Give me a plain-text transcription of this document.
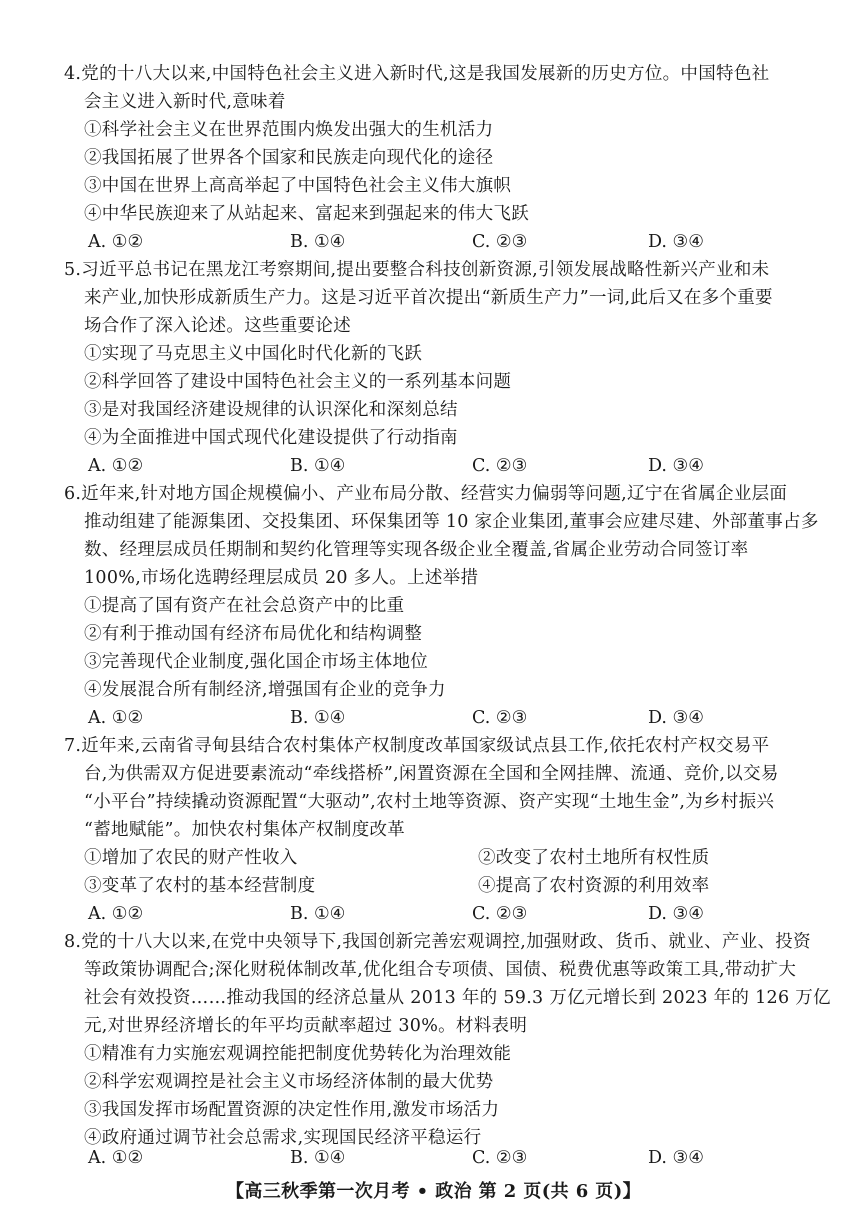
4.党的十八大以来,中国特色社会主义进入新时代,这是我国发展新的历史方位。中国特色社
会主义进入新时代,意味着
①科学社会主义在世界范围内焕发出强大的生机活力
②我国拓展了世界各个国家和民族走向现代化的途径
③中国在世界上高高举起了中国特色社会主义伟大旗帜
④中华民族迎来了从站起来、富起来到强起来的伟大飞跃
A. ①②	B. ①④	C. ②③	D. ③④
5.习近平总书记在黑龙江考察期间,提出要整合科技创新资源,引领发展战略性新兴产业和未
来产业,加快形成新质生产力。这是习近平首次提出“新质生产力”一词,此后又在多个重要
场合作了深入论述。这些重要论述
①实现了马克思主义中国化时代化新的飞跃
②科学回答了建设中国特色社会主义的一系列基本问题
③是对我国经济建设规律的认识深化和深刻总结
④为全面推进中国式现代化建设提供了行动指南
A. ①②	B. ①④	C. ②③	D. ③④
6.近年来,针对地方国企规模偏小、产业布局分散、经营实力偏弱等问题,辽宁在省属企业层面
推动组建了能源集团、交投集团、环保集团等 10 家企业集团,董事会应建尽建、外部董事占多
数、经理层成员任期制和契约化管理等实现各级企业全覆盖,省属企业劳动合同签订率
100%,市场化选聘经理层成员 20 多人。上述举措
①提高了国有资产在社会总资产中的比重
②有利于推动国有经济布局优化和结构调整
③完善现代企业制度,强化国企市场主体地位
④发展混合所有制经济,增强国有企业的竞争力
A. ①②	B. ①④	C. ②③	D. ③④
7.近年来,云南省寻甸县结合农村集体产权制度改革国家级试点县工作,依托农村产权交易平
台,为供需双方促进要素流动“牵线搭桥”,闲置资源在全国和全网挂牌、流通、竞价,以交易
“小平台”持续撬动资源配置“大驱动”,农村土地等资源、资产实现“土地生金”,为乡村振兴
“蓄地赋能”。加快农村集体产权制度改革
①增加了农民的财产性收入	②改变了农村土地所有权性质
③变革了农村的基本经营制度	④提高了农村资源的利用效率
A. ①②	B. ①④	C. ②③	D. ③④
8.党的十八大以来,在党中央领导下,我国创新完善宏观调控,加强财政、货币、就业、产业、投资
等政策协调配合;深化财税体制改革,优化组合专项债、国债、税费优惠等政策工具,带动扩大
社会有效投资……推动我国的经济总量从 2013 年的 59.3 万亿元增长到 2023 年的 126 万亿
元,对世界经济增长的年平均贡献率超过 30%。材料表明
①精准有力实施宏观调控能把制度优势转化为治理效能
②科学宏观调控是社会主义市场经济体制的最大优势
③我国发挥市场配置资源的决定性作用,激发市场活力
④政府通过调节社会总需求,实现国民经济平稳运行
A. ①②	B. ①④	C. ②③	D. ③④
【高三秋季第一次月考 • 政治 第 2 页(共 6 页)】
